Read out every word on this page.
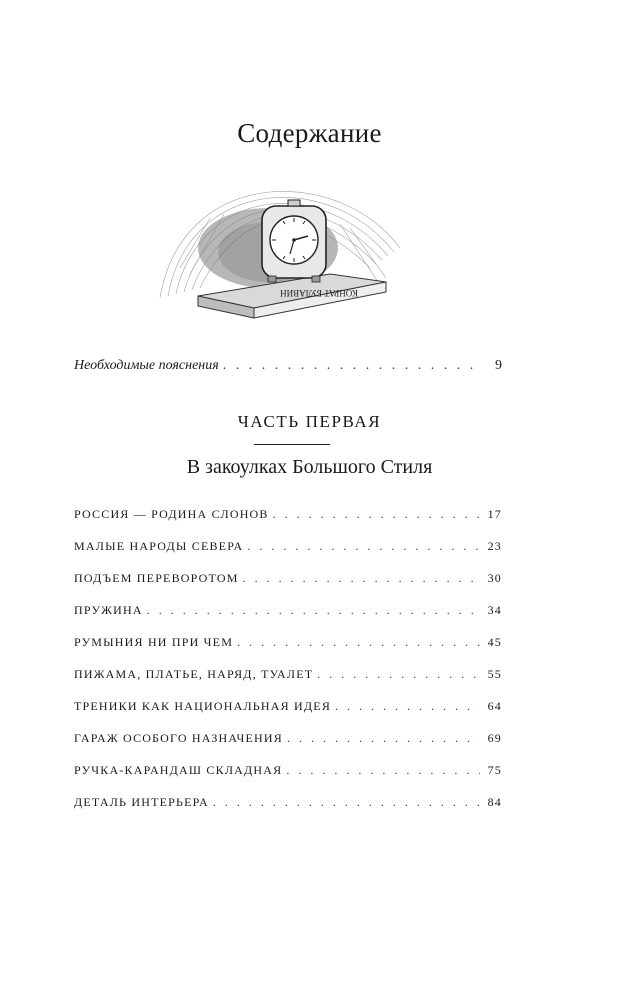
Содержание
КОНРАТ БУЛАВИН
Необходимые пояснения . . .	9
ЧАСТЬ ПЕРВАЯ
В закоулках Большого Стиля
РОССИЯ — РОДИНА СЛОНОВ . . .	17
МАЛЫЕ НАРОДЫ СЕВЕРА . . .	23
ПОДЪЕМ ПЕРЕВОРОТОМ . . .	30
ПРУЖИНА . . .	34
РУМЫНИЯ НИ ПРИ ЧЕМ . . .	45
ПИЖАМА, ПЛАТЬЕ, НАРЯД, ТУАЛЕТ . . .	55
ТРЕНИКИ КАК НАЦИОНАЛЬНАЯ ИДЕЯ . . .	64
ГАРАЖ ОСОБОГО НАЗНАЧЕНИЯ . . .	69
РУЧКА-КАРАНДАШ СКЛАДНАЯ . . .	75
ДЕТАЛЬ ИНТЕРЬЕРА . . .	84
